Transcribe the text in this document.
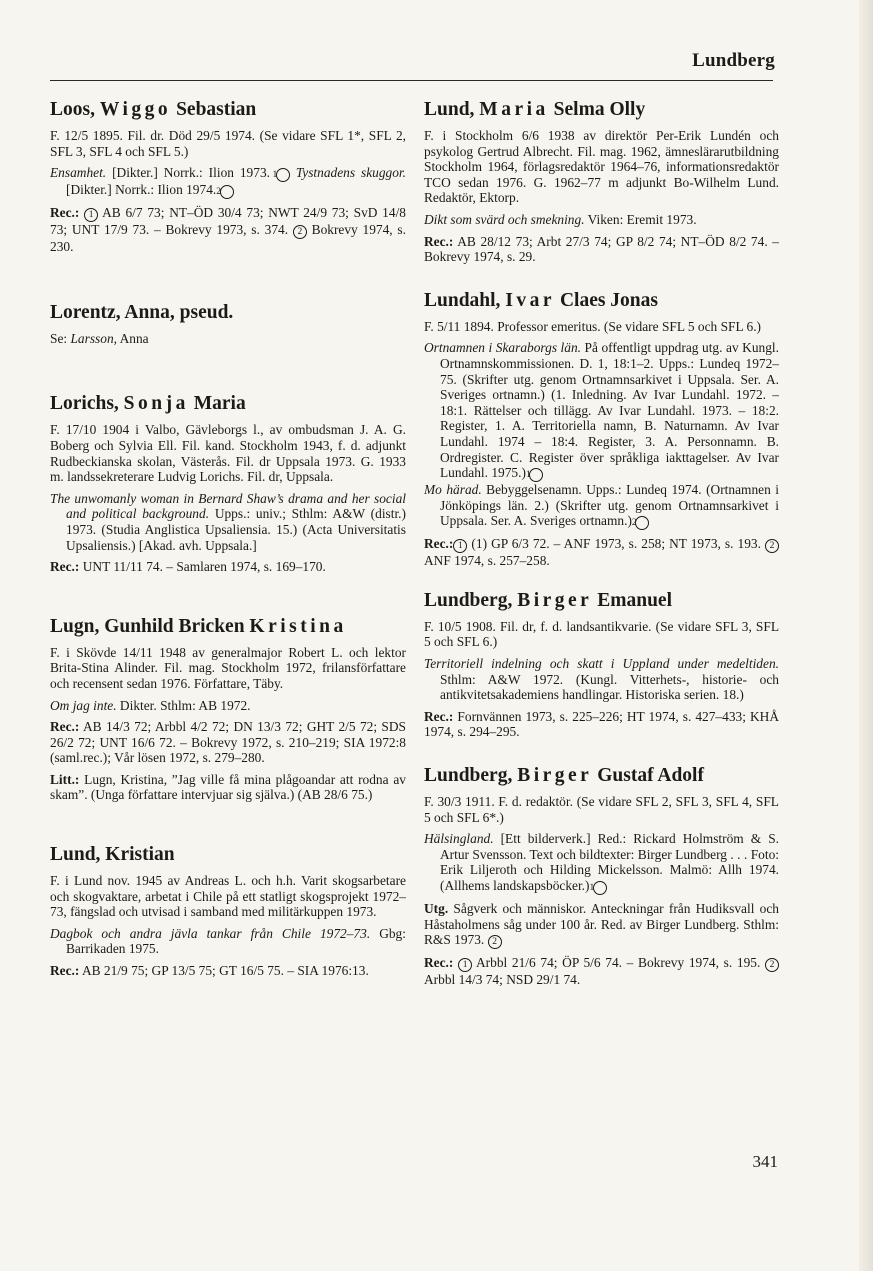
Lundberg
Loos, Wiggo Sebastian

F. 12/5 1895. Fil. dr. Död 29/5 1974. (Se vidare SFL 1*, SFL 2, SFL 3, SFL 4 och SFL 5.)

Ensamhet. [Dikter.] Norrk.: Ilion 1973. 1 Tystnadens skuggor. [Dikter.] Norrk.: Ilion 1974. 2

Rec.: 1 AB 6/7 73; NT–ÖD 30/4 73; NWT 24/9 73; SvD 14/8 73; UNT 17/9 73. – Bokrevy 1973, s. 374. 2 Bokrevy 1974, s. 230.

Lorentz, Anna, pseud.

Se: Larsson, Anna

Lorichs, Sonja Maria

F. 17/10 1904 i Valbo, Gävleborgs l., av ombudsman J. A. G. Boberg och Sylvia Ell. Fil. kand. Stockholm 1943, f. d. adjunkt Rudbeckianska skolan, Västerås. Fil. dr Uppsala 1973. G. 1933 m. landssekreterare Ludvig Lorichs. Fil. dr, Uppsala.

The unwomanly woman in Bernard Shaw’s drama and her social and political background. Upps.: univ.; Sthlm: A&W (distr.) 1973. (Studia Anglistica Upsaliensia. 15.) (Acta Universitatis Upsaliensis.) [Akad. avh. Uppsala.]

Rec.: UNT 11/11 74. – Samlaren 1974, s. 169–170.

Lugn, Gunhild Bricken Kristina

F. i Skövde 14/11 1948 av generalmajor Robert L. och lektor Brita-Stina Alinder. Fil. mag. Stockholm 1972, frilansförfattare och recensent sedan 1976. Författare, Täby.

Om jag inte. Dikter. Sthlm: AB 1972.

Rec.: AB 14/3 72; Arbbl 4/2 72; DN 13/3 72; GHT 2/5 72; SDS 26/2 72; UNT 16/6 72. – Bokrevy 1972, s. 210–219; SIA 1972:8 (saml.rec.); Vår lösen 1972, s. 279–280.

Litt.: Lugn, Kristina, ”Jag ville få mina plågoandar att rodna av skam”. (Unga författare intervjuar sig själva.) (AB 28/6 75.)

Lund, Kristian

F. i Lund nov. 1945 av Andreas L. och h.h. Varit skogsarbetare och skogvaktare, arbetat i Chile på ett statligt skogsprojekt 1972–73, fängslad och utvisad i samband med militärkuppen 1973.

Dagbok och andra jävla tankar från Chile 1972–73. Gbg: Barrikaden 1975.

Rec.: AB 21/9 75; GP 13/5 75; GT 16/5 75. – SIA 1976:13.

Lund, Maria Selma Olly

F. i Stockholm 6/6 1938 av direktör Per-Erik Lundén och psykolog Gertrud Albrecht. Fil. mag. 1962, ämneslärarutbildning Stockholm 1964, förlagsredaktör 1964–76, informationsredaktör TCO sedan 1976. G. 1962–77 m adjunkt Bo-Wilhelm Lund. Redaktör, Ektorp.

Dikt som svärd och smekning. Viken: Eremit 1973.

Rec.: AB 28/12 73; Arbt 27/3 74; GP 8/2 74; NT–ÖD 8/2 74. – Bokrevy 1974, s. 29.

Lundahl, Ivar Claes Jonas

F. 5/11 1894. Professor emeritus. (Se vidare SFL 5 och SFL 6.)

Ortnamnen i Skaraborgs län. På offentligt uppdrag utg. av Kungl. Ortnamnskommissionen. D. 1, 18:1–2. Upps.: Lundeq 1972–75. (Skrifter utg. genom Ortnamnsarkivet i Uppsala. Ser. A. Sveriges ortnamn.) (1. Inledning. Av Ivar Lundahl. 1972. – 18:1. Rättelser och tillägg. Av Ivar Lundahl. 1973. – 18:2. Register, 1. A. Territoriella namn, B. Naturnamn. Av Ivar Lundahl. 1974 – 18:4. Register, 3. A. Personnamn. B. Ordregister. C. Register över språkliga iakttagelser. Av Ivar Lundahl. 1975.) 1

Mo härad. Bebyggelsenamn. Upps.: Lundeq 1974. (Ortnamnen i Jönköpings län. 2.) (Skrifter utg. genom Ortnamnsarkivet i Uppsala. Ser. A. Sveriges ortnamn.) 2

Rec.: 1 (1) GP 6/3 72. – ANF 1973, s. 258; NT 1973, s. 193. 2 ANF 1974, s. 257–258.

Lundberg, Birger Emanuel

F. 10/5 1908. Fil. dr, f. d. landsantikvarie. (Se vidare SFL 3, SFL 5 och SFL 6.)

Territoriell indelning och skatt i Uppland under medeltiden. Sthlm: A&W 1972. (Kungl. Vitterhets-, historie- och antikvitetsakademiens handlingar. Historiska serien. 18.)

Rec.: Fornvännen 1973, s. 225–226; HT 1974, s. 427–433; KHÅ 1974, s. 294–295.

Lundberg, Birger Gustaf Adolf

F. 30/3 1911. F. d. redaktör. (Se vidare SFL 2, SFL 3, SFL 4, SFL 5 och SFL 6*.)

Hälsingland. [Ett bilderverk.] Red.: Rickard Holmström & S. Artur Svensson. Text och bildtexter: Birger Lundberg . . . Foto: Erik Liljeroth och Hilding Mickelsson. Malmö: Allh 1974. (Allhems landskapsböcker.) 1

Utg. Sågverk och människor. Anteckningar från Hudiksvall och Håstaholmens såg under 100 år. Red. av Birger Lundberg. Sthlm: R&S 1973. 2

Rec.: 1 Arbbl 21/6 74; ÖP 5/6 74. – Bokrevy 1974, s. 195. 2 Arbbl 14/3 74; NSD 29/1 74.

341
